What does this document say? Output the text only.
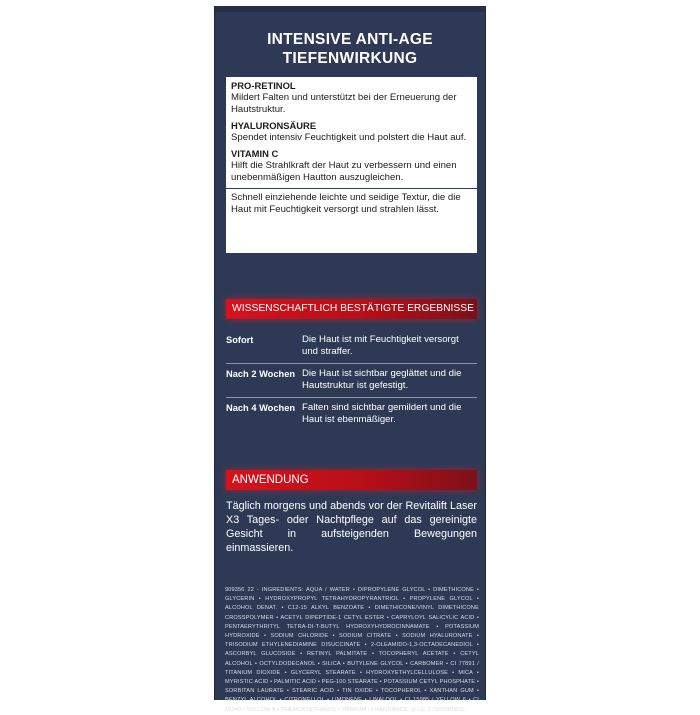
INTENSIVE ANTI-AGE
TIEFENWIRKUNG
PRO-RETINOL
Mildert Falten und unterstützt bei der Erneuerung der Hautstruktur.
HYALURONSÄURE
Spendet intensiv Feuchtigkeit und polstert die Haut auf.
VITAMIN C
Hilft die Strahlkraft der Haut zu verbessern und einen unebenmäßigen Hautton auszugleichen.
Schnell einziehende leichte und seidige Textur, die die Haut mit Feuchtigkeit versorgt und strahlen lässt.
WISSENSCHAFTLICH BESTÄTIGTE ERGEBNISSE
Sofort	Die Haut ist mit Feuchtigkeit versorgt und straffer.
Nach 2 Wochen Die Haut ist sichtbar geglättet und die Hautstruktur ist gefestigt.
Nach 4 Wochen Falten sind sichtbar gemildert und die Haut ist ebenmäßiger.
ANWENDUNG
Täglich morgens und abends vor der Revitalift Laser X3 Tages- oder Nachtpflege auf das gereinigte Gesicht in aufsteigenden Bewegungen einmassieren.
909356 22 - INGREDIENTS: AQUA / WATER • DIPROPYLENE GLYCOL • DIMETHICONE • GLYCERIN • HYDROXYPROPYL TETRAHYDROPYRANTRIOL • PROPYLENE GLYCOL • ALCOHOL DENAT. • C12-15 ALKYL BENZOATE • DIMETHICONE/VINYL DIMETHICONE CROSSPOLYMER • ACETYL DIPEPTIDE-1 CETYL ESTER • CAPRYLOYL SALICYLIC ACID • PENTAERYTHRITYL TETRA-DI-T-BUTYL HYDROXYHYDROCINNAMATE • POTASSIUM HYDROXIDE • SODIUM CHLORIDE • SODIUM CITRATE • SODIUM HYALURONATE • TRISODIUM ETHYLENEDIAMINE DISUCCINATE • 2-OLEAMIDO-1,3-OCTADECANEDIOL • ASCORBYL GLUCOSIDE • RETINYL PALMITATE • TOCOPHERYL ACETATE • CETYL ALCOHOL • OCTYLDODECANOL • SILICA • BUTYLENE GLYCOL • CARBOMER • CI 77891 / TITANIUM DIOXIDE • GLYCERYL STEARATE • HYDROXYETHYLCELLULOSE • MICA • MYRISTIC ACID • PALMITIC ACID • PEG-100 STEARATE • POTASSIUM CETYL PHOSPHATE • SORBITAN LAURATE • STEARIC ACID • TIN OXIDE • TOCOPHEROL • XANTHAN GUM • BENZYL ALCOHOL • CITRONELLOL • LIMONENE • LINALOOL • CI 15985 / YELLOW 6 • CI 19140 / YELLOW 5 • PHENOXYETHANOL • PARFUM / FRAGRANCE. (F.I.L. Z70020818/1).
